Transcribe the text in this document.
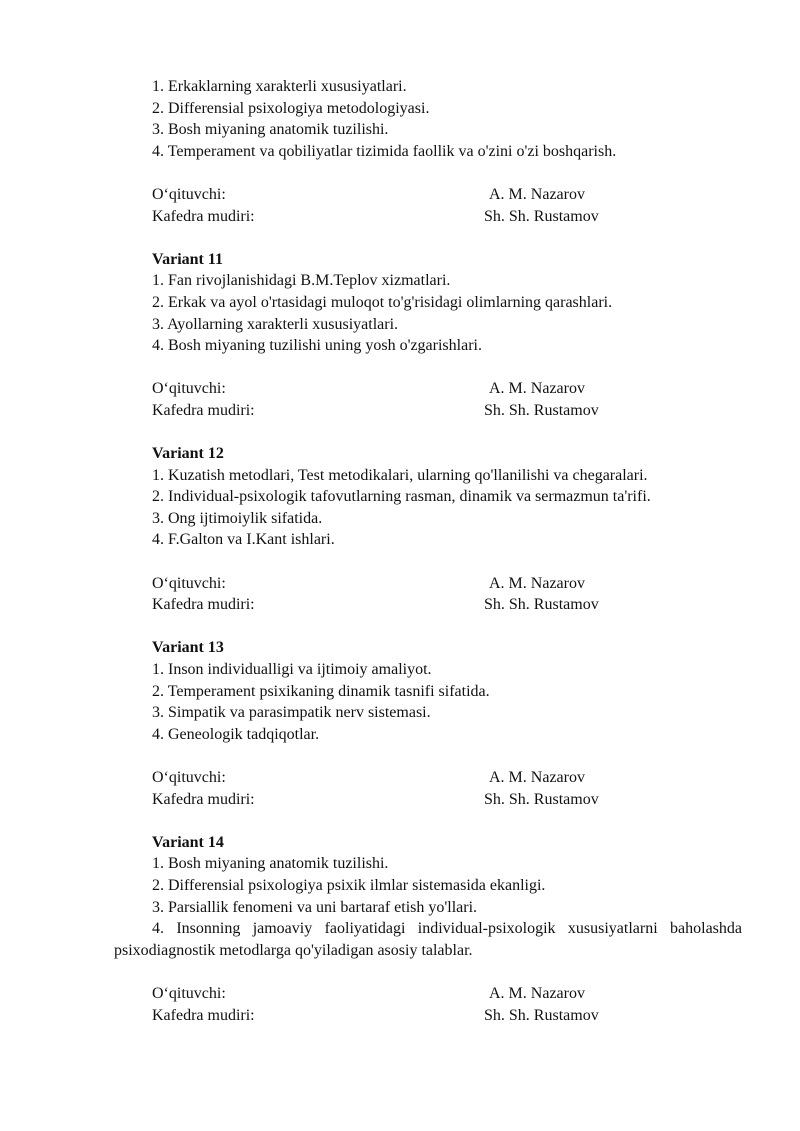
1. Erkaklarning xarakterli xususiyatlari.

2. Differensial psixologiya metodologiyasi.

3. Bosh miyaning anatomik tuzilishi.

4. Temperament va qobiliyatlar tizimida faollik va o'zini o'zi boshqarish.

O‘qituvchi:	A. M. Nazarov
Kafedra mudiri:	Sh. Sh. Rustamov

Variant 11

1. Fan rivojlanishidagi B.M.Teplov xizmatlari.

2. Erkak va ayol o'rtasidagi muloqot to'g'risidagi olimlarning qarashlari.

3. Ayollarning xarakterli xususiyatlari.

4. Bosh miyaning tuzilishi uning yosh o'zgarishlari.

O‘qituvchi:	A. M. Nazarov
Kafedra mudiri:	Sh. Sh. Rustamov

Variant 12

1. Kuzatish metodlari, Test metodikalari, ularning qo'llanilishi va chegaralari.

2. Individual-psixologik tafovutlarning rasman, dinamik va sermazmun ta'rifi.

3. Ong ijtimoiylik sifatida.

4. F.Galton va I.Kant ishlari.

O‘qituvchi:	A. M. Nazarov
Kafedra mudiri:	Sh. Sh. Rustamov

Variant 13

1. Inson individualligi va ijtimoiy amaliyot.

2. Temperament psixikaning dinamik tasnifi sifatida.

3. Simpatik va parasimpatik nerv sistemasi.

4. Geneologik tadqiqotlar.

O‘qituvchi:	A. M. Nazarov
Kafedra mudiri:	Sh. Sh. Rustamov

Variant 14

1. Bosh miyaning anatomik tuzilishi.

2. Differensial psixologiya psixik ilmlar sistemasida ekanligi.

3. Parsiallik fenomeni va uni bartaraf etish yo'llari.

4. Insonning jamoaviy faoliyatidagi individual-psixologik xususiyatlarni baholashda psixodiagnostik metodlarga qo'yiladigan asosiy talablar.

O‘qituvchi:	A. M. Nazarov
Kafedra mudiri:	Sh. Sh. Rustamov
